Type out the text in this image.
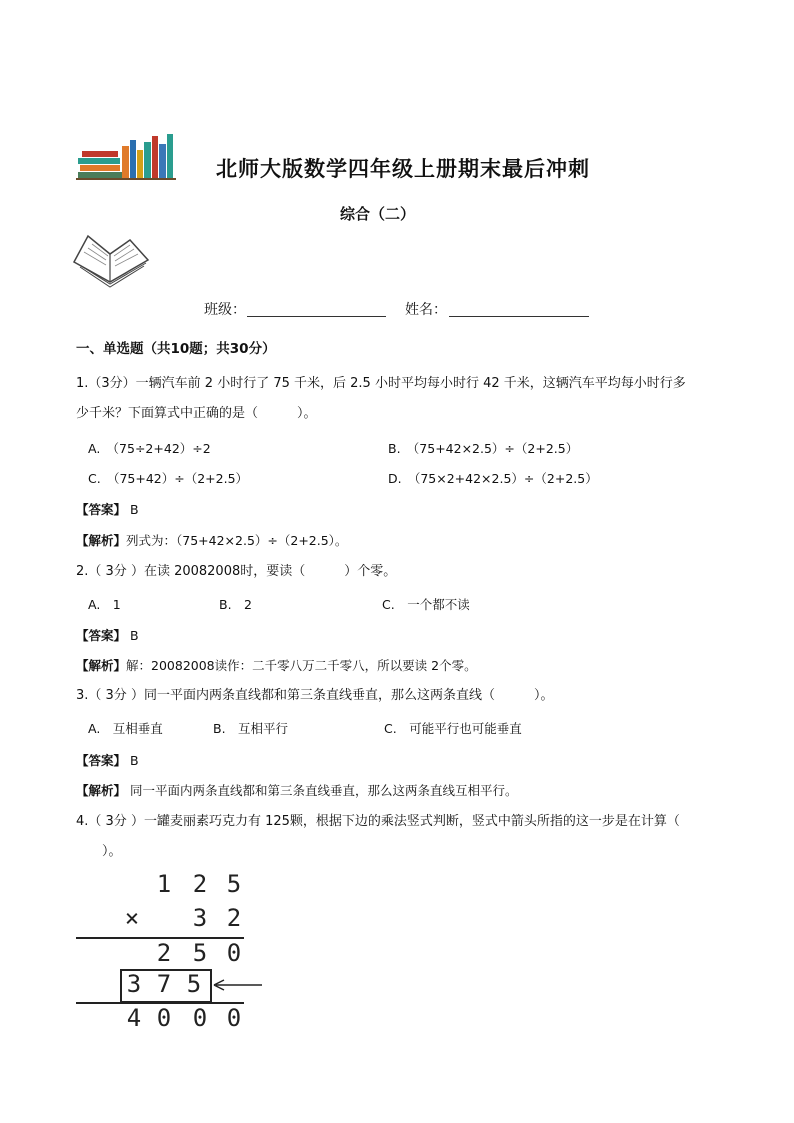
北师大版数学四年级上册期末最后冲刺
综合（二）
班级：	姓名：
一、单选题（共10题；共30分）
1.（3分）一辆汽车前 2 小时行了 75 千米，后 2.5 小时平均每小时行 42 千米，这辆汽车平均每小时行多
少千米？下面算式中正确的是（　　　）。
A.　（75÷2+42）÷2	B.　（75+42×2.5）÷（2+2.5）
C.　（75+42）÷（2+2.5）	D.　（75×2+42×2.5）÷（2+2.5）
【答案】 B
【解析】列式为：（75+42×2.5）÷（2+2.5）。
2.（ 3分 ）在读 20082008时，要读（　　　）个零。
A.　1	B.　2	C.　一个都不读
【答案】 B
【解析】解：20082008读作：二千零八万二千零八，所以要读 2个零。
3.（ 3分 ）同一平面内两条直线都和第三条直线垂直，那么这两条直线（　　　）。
A.　互相垂直	B.　互相平行	C.　可能平行也可能垂直
【答案】 B
【解析】 同一平面内两条直线都和第三条直线垂直，那么这两条直线互相平行。
4.（ 3分 ）一罐麦丽素巧克力有 125颗，根据下边的乘法竖式判断，竖式中箭头所指的这一步是在计算（
　　）。
1 2 5
× 3 2
2 5 0
3 7 5
4 0 0 0
